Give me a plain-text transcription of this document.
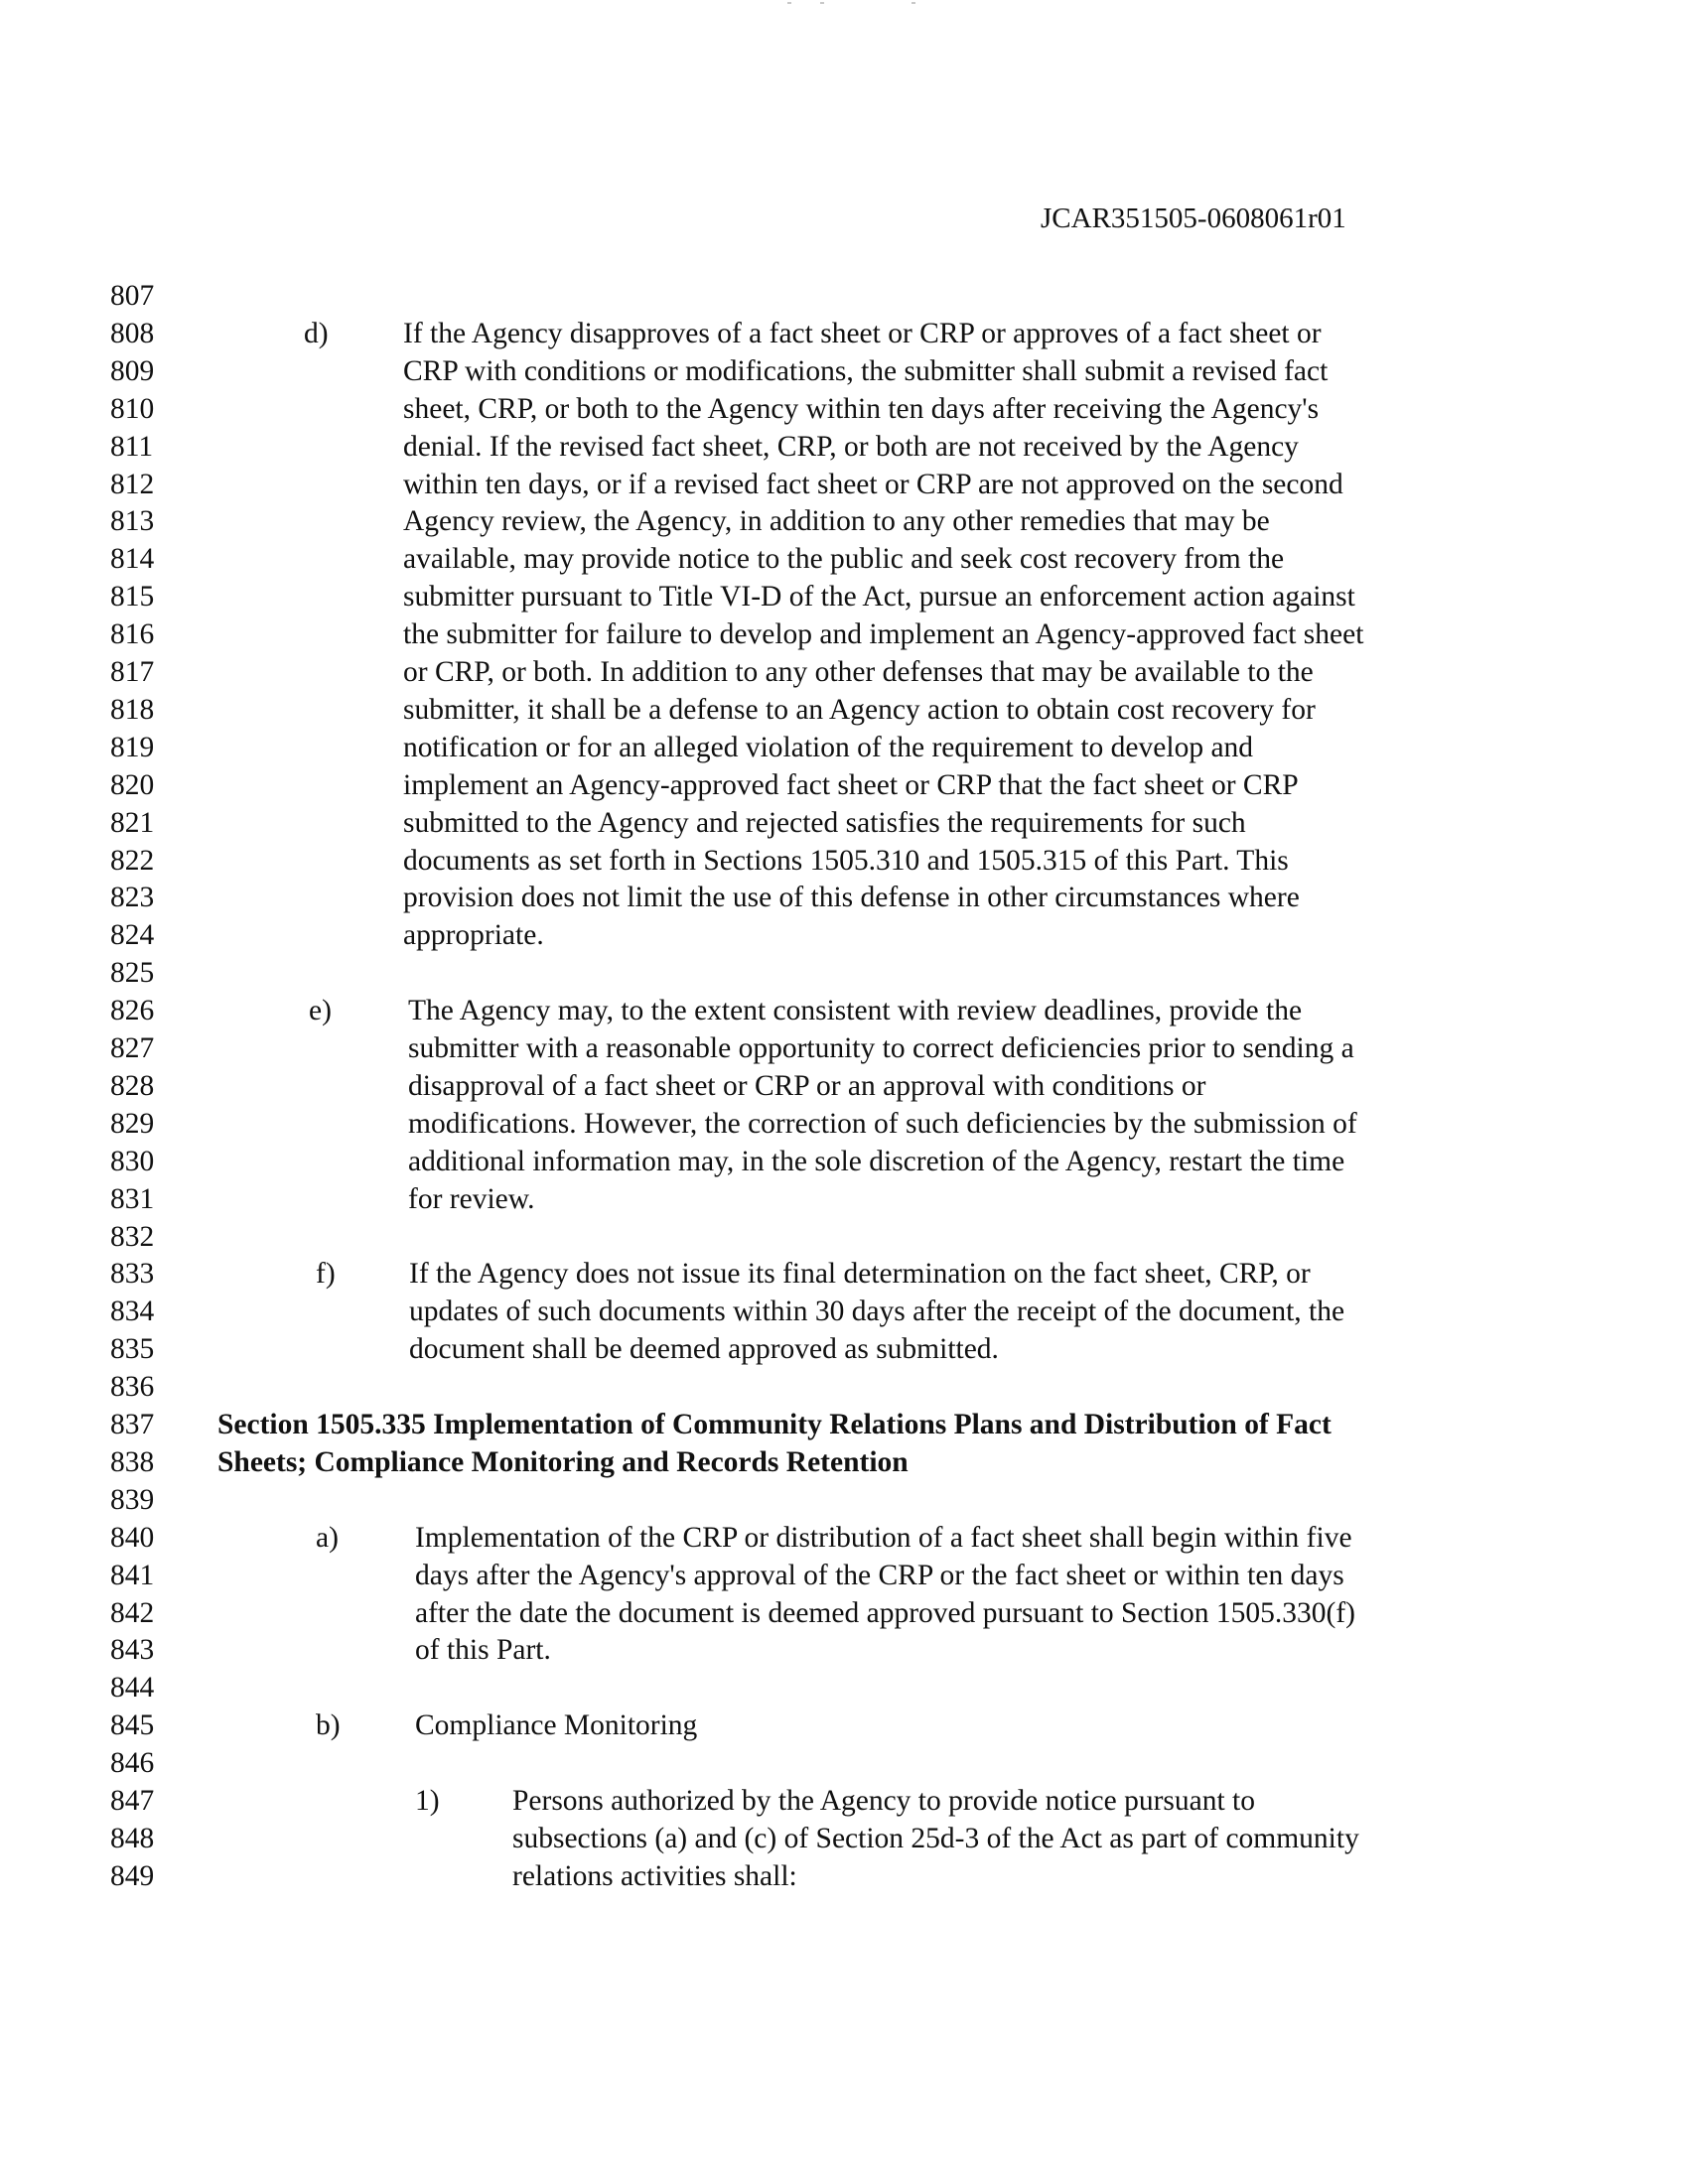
JCAR351505-0608061r01
807
808	d)	If the Agency disapproves of a fact sheet or CRP or approves of a fact sheet or
809	CRP with conditions or modifications, the submitter shall submit a revised fact
810	sheet, CRP, or both to the Agency within ten days after receiving the Agency's
811	denial. If the revised fact sheet, CRP, or both are not received by the Agency
812	within ten days, or if a revised fact sheet or CRP are not approved on the second
813	Agency review, the Agency, in addition to any other remedies that may be
814	available, may provide notice to the public and seek cost recovery from the
815	submitter pursuant to Title VI-D of the Act, pursue an enforcement action against
816	the submitter for failure to develop and implement an Agency-approved fact sheet
817	or CRP, or both. In addition to any other defenses that may be available to the
818	submitter, it shall be a defense to an Agency action to obtain cost recovery for
819	notification or for an alleged violation of the requirement to develop and
820	implement an Agency-approved fact sheet or CRP that the fact sheet or CRP
821	submitted to the Agency and rejected satisfies the requirements for such
822	documents as set forth in Sections 1505.310 and 1505.315 of this Part. This
823	provision does not limit the use of this defense in other circumstances where
824	appropriate.
825
826	e)	The Agency may, to the extent consistent with review deadlines, provide the
827	submitter with a reasonable opportunity to correct deficiencies prior to sending a
828	disapproval of a fact sheet or CRP or an approval with conditions or
829	modifications. However, the correction of such deficiencies by the submission of
830	additional information may, in the sole discretion of the Agency, restart the time
831	for review.
832
833	f)	If the Agency does not issue its final determination on the fact sheet, CRP, or
834	updates of such documents within 30 days after the receipt of the document, the
835	document shall be deemed approved as submitted.
836
837 Section 1505.335 Implementation of Community Relations Plans and Distribution of Fact
838 Sheets; Compliance Monitoring and Records Retention
839
840	a)	Implementation of the CRP or distribution of a fact sheet shall begin within five
841	days after the Agency's approval of the CRP or the fact sheet or within ten days
842	after the date the document is deemed approved pursuant to Section 1505.330(f)
843	of this Part.
844
845	b)	Compliance Monitoring
846
847	1) Persons authorized by the Agency to provide notice pursuant to
848	subsections (a) and (c) of Section 25d-3 of the Act as part of community
849	relations activities shall:
